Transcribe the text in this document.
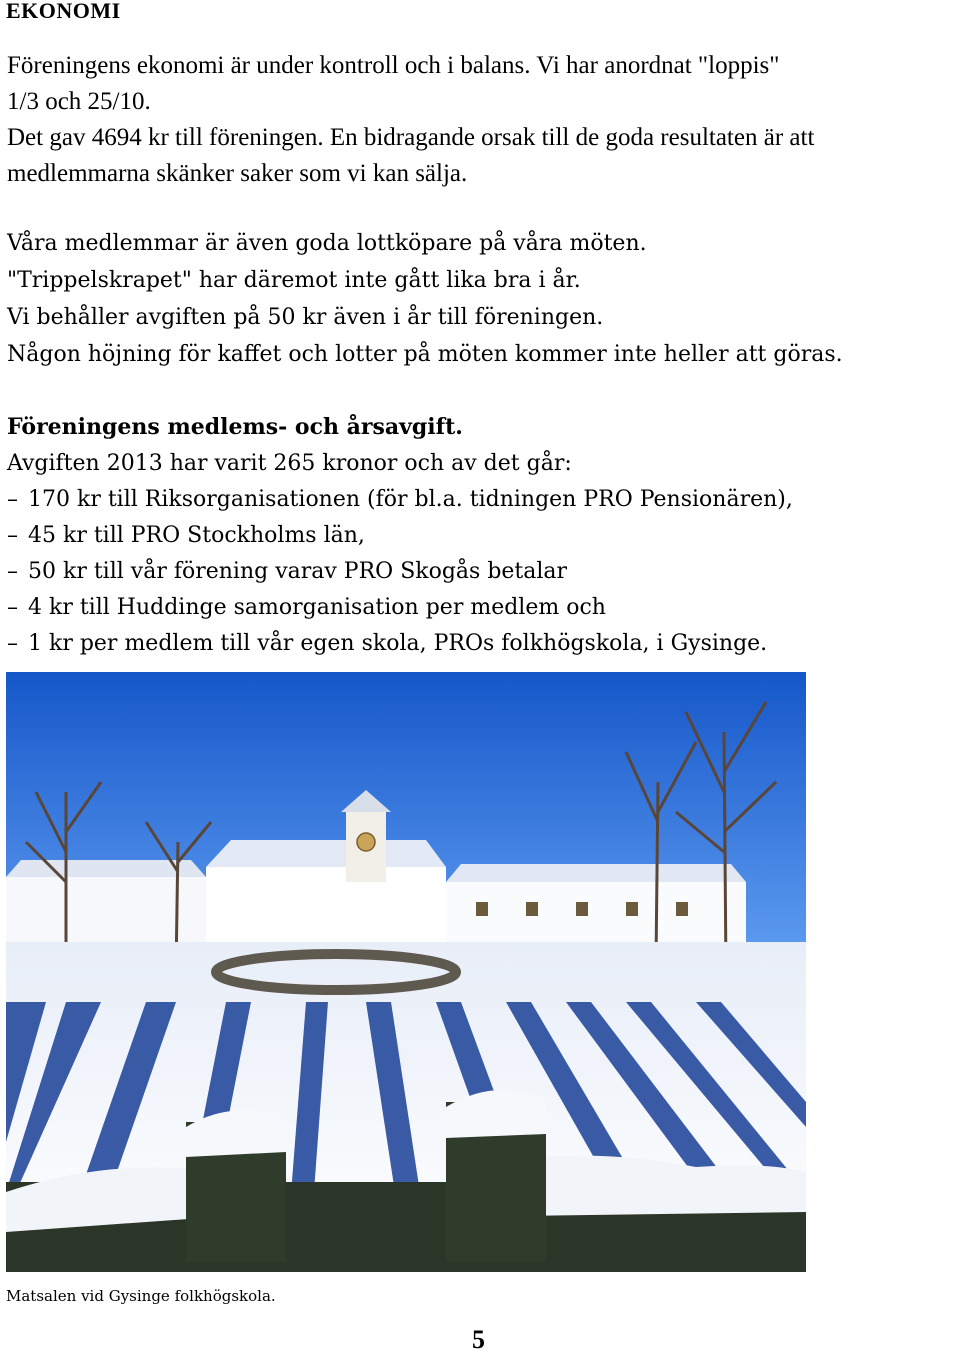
EKONOMI

Föreningens ekonomi är under kontroll och i balans. Vi har anordnat "loppis"

1/3 och 25/10.

Det gav 4694 kr till föreningen. En bidragande orsak till de goda resultaten är att

medlemmarna skänker saker som vi kan sälja.

Våra medlemmar är även goda lottköpare på våra möten.

"Trippelskrapet" har däremot inte gått lika bra i år.

Vi behåller avgiften på 50 kr även i år till föreningen.

Någon höjning för kaffet och lotter på möten kommer inte heller att göras.

Föreningens medlems- och årsavgift.

Avgiften 2013 har varit 265 kronor och av det går:

– 170 kr till Riksorganisationen (för bl.a. tidningen PRO Pensionären),

– 45 kr till PRO Stockholms län,

– 50 kr till vår förening varav PRO Skogås betalar

– 4 kr till Huddinge samorganisation per medlem och

– 1 kr per medlem till vår egen skola, PROs folkhögskola, i Gysinge.

Matsalen vid Gysinge folkhögskola.

5
